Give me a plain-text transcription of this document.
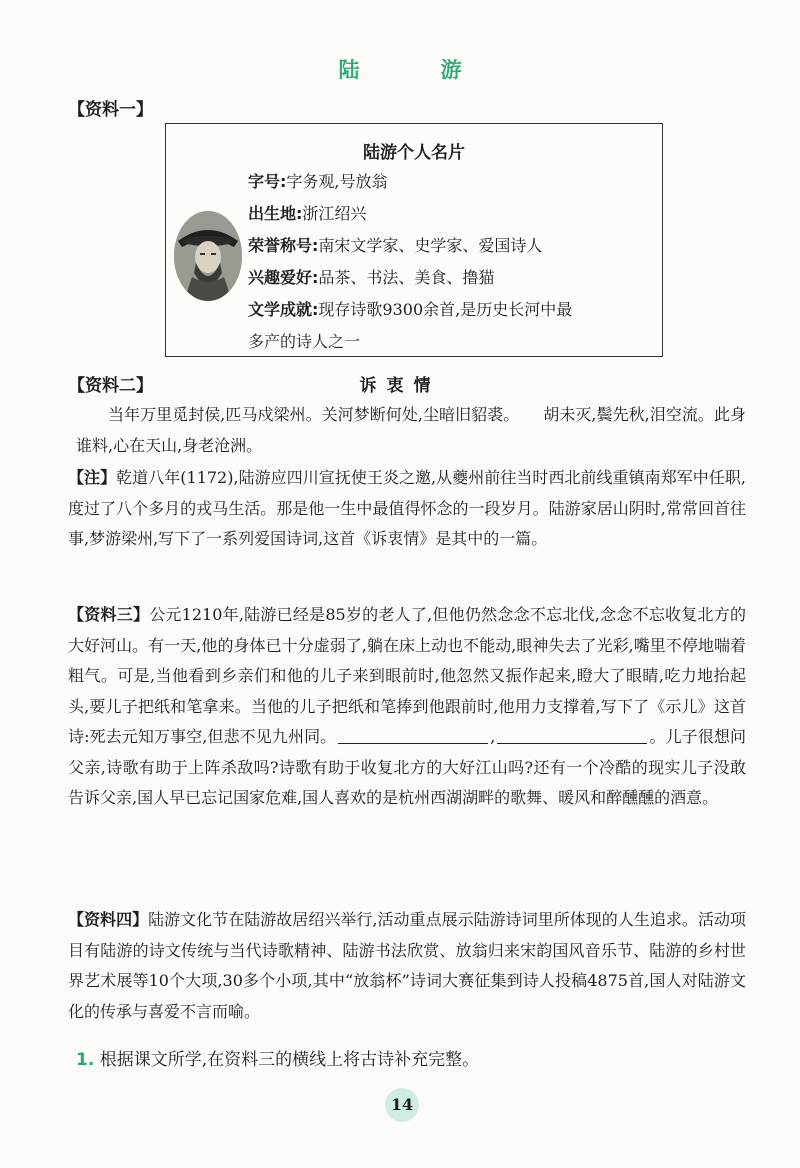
陆　游
【资料一】
陆游个人名片
字号:字务观,号放翁
出生地:浙江绍兴
荣誉称号:南宋文学家、史学家、爱国诗人
兴趣爱好:品茶、书法、美食、撸猫
文学成就:现存诗歌9300余首,是历史长河中最
多产的诗人之一
【资料二】	诉衷情
当年万里觅封侯,匹马戍梁州。关河梦断何处,尘暗旧貂裘。　　胡未灭,鬓先秋,泪空流。此身谁料,心在天山,身老沧洲。
【注】乾道八年(1172),陆游应四川宣抚使王炎之邀,从夔州前往当时西北前线重镇南郑军中任职,度过了八个多月的戎马生活。那是他一生中最值得怀念的一段岁月。陆游家居山阴时,常常回首往事,梦游梁州,写下了一系列爱国诗词,这首《诉衷情》是其中的一篇。
【资料三】公元1210年,陆游已经是85岁的老人了,但他仍然念念不忘北伐,念念不忘收复北方的大好河山。有一天,他的身体已十分虚弱了,躺在床上动也不能动,眼神失去了光彩,嘴里不停地喘着粗气。可是,当他看到乡亲们和他的儿子来到眼前时,他忽然又振作起来,瞪大了眼睛,吃力地抬起头,要儿子把纸和笔拿来。当他的儿子把纸和笔捧到他跟前时,他用力支撑着,写下了《示儿》这首诗:死去元知万事空,但悲不见九州同。	,	。儿子很想问父亲,诗歌有助于上阵杀敌吗?诗歌有助于收复北方的大好江山吗?还有一个冷酷的现实儿子没敢告诉父亲,国人早已忘记国家危难,国人喜欢的是杭州西湖湖畔的歌舞、暖风和醉醺醺的酒意。
【资料四】陆游文化节在陆游故居绍兴举行,活动重点展示陆游诗词里所体现的人生追求。活动项目有陆游的诗文传统与当代诗歌精神、陆游书法欣赏、放翁归来宋韵国风音乐节、陆游的乡村世界艺术展等10个大项,30多个小项,其中“放翁杯”诗词大赛征集到诗人投稿4875首,国人对陆游文化的传承与喜爱不言而喻。
1. 根据课文所学,在资料三的横线上将古诗补充完整。
14
